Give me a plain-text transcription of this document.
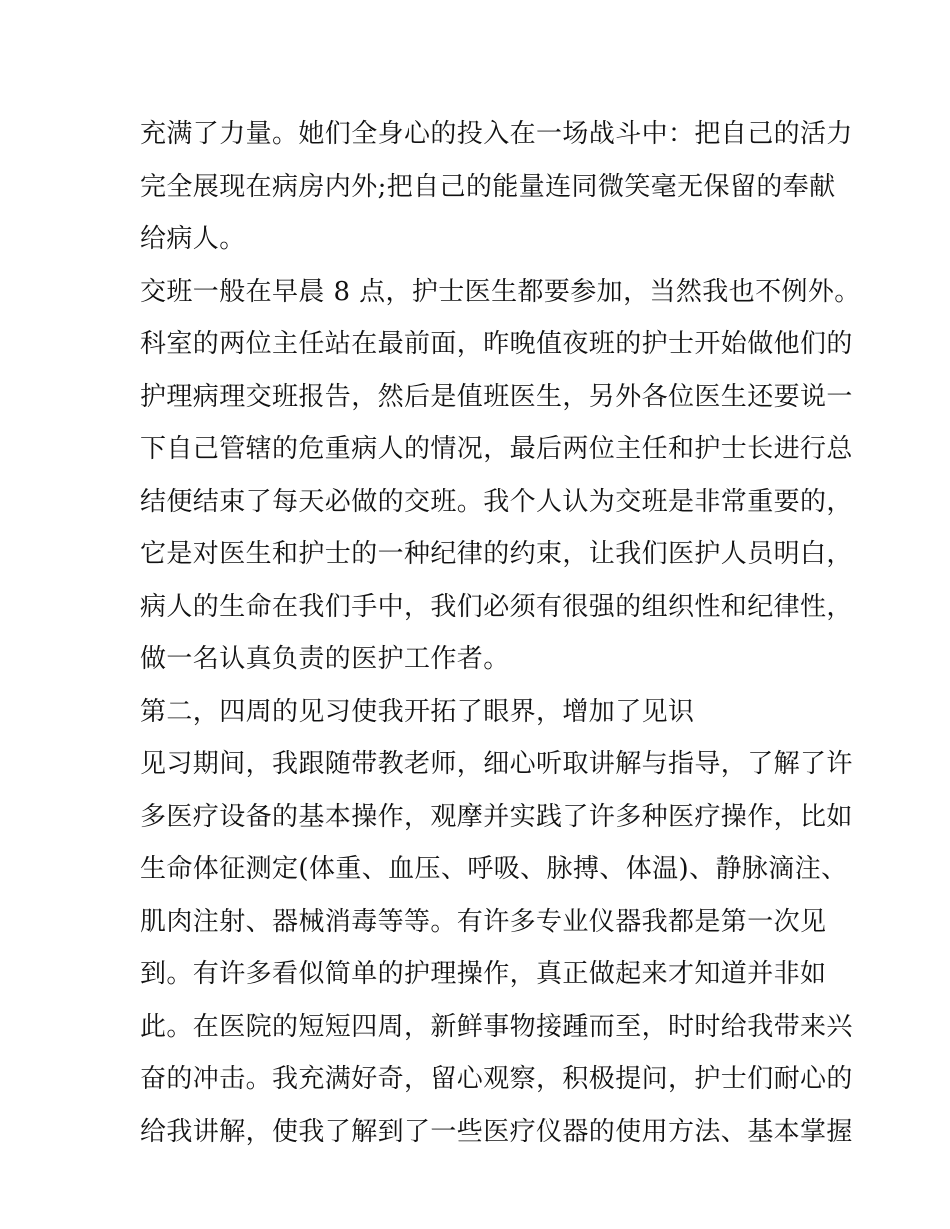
充满了力量。她们全身心的投入在一场战斗中：把自己的活力
完全展现在病房内外;把自己的能量连同微笑毫无保留的奉献
给病人。
交班一般在早晨 8 点，护士医生都要参加，当然我也不例外。
科室的两位主任站在最前面，昨晚值夜班的护士开始做他们的
护理病理交班报告，然后是值班医生，另外各位医生还要说一
下自己管辖的危重病人的情况，最后两位主任和护士长进行总
结便结束了每天必做的交班。我个人认为交班是非常重要的，
它是对医生和护士的一种纪律的约束，让我们医护人员明白，
病人的生命在我们手中，我们必须有很强的组织性和纪律性，
做一名认真负责的医护工作者。
第二，四周的见习使我开拓了眼界，增加了见识
见习期间，我跟随带教老师，细心听取讲解与指导，了解了许
多医疗设备的基本操作，观摩并实践了许多种医疗操作，比如
生命体征测定(体重、血压、呼吸、脉搏、体温)、静脉滴注、
肌肉注射、器械消毒等等。有许多专业仪器我都是第一次见
到。有许多看似简单的护理操作，真正做起来才知道并非如
此。在医院的短短四周，新鲜事物接踵而至，时时给我带来兴
奋的冲击。我充满好奇，留心观察，积极提问，护士们耐心的
给我讲解，使我了解到了一些医疗仪器的使用方法、基本掌握
